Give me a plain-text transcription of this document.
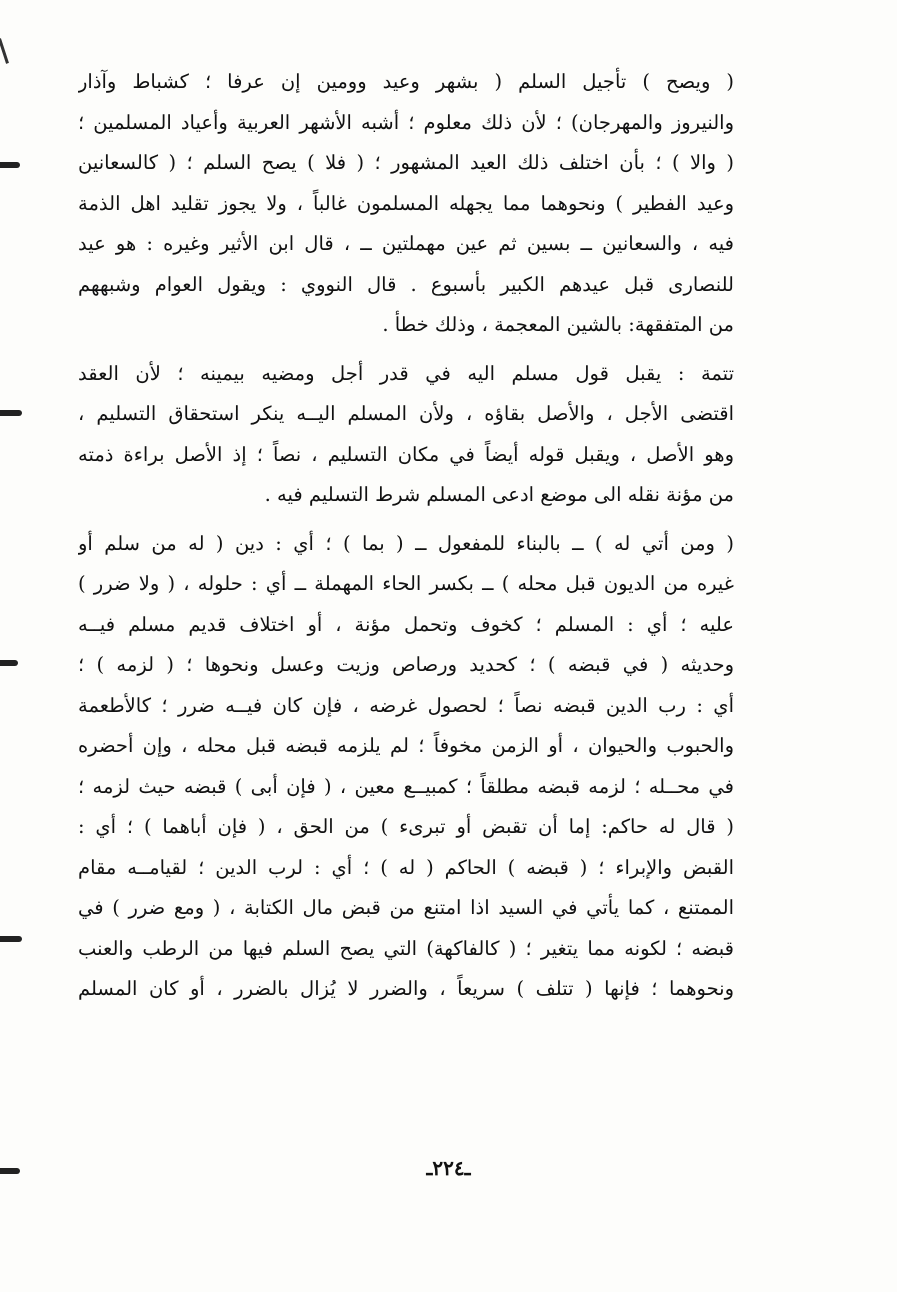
( ويصح ) تأجيل السلم ( بشهر وعيد وومين إن عرفا ؛ كشباط وآذار
والنيروز والمهرجان) ؛ لأن ذلك معلوم ؛ أشبه الأشهر العربية وأعياد المسلمين ؛
( والا ) ؛ بأن اختلف ذلك العيد المشهور ؛ ( فلا ) يصح السلم ؛ ( كالسعانين
وعيد الفطير ) ونحوهما مما يجهله المسلمون غالباً ، ولا يجوز تقليد اهل الذمة
فيه ، والسعانين ــ بسين ثم عين مهملتين ــ ، قال ابن الأثير وغيره : هو عيد
للنصارى قبل عيدهم الكبير بأسبوع . قال النووي : ويقول العوام وشبههم
من المتفقهة: بالشين المعجمة ، وذلك خطأ .
تتمة : يقبل قول مسلم اليه في قدر أجل ومضيه بيمينه ؛ لأن العقد
اقتضى الأجل ، والأصل بقاؤه ، ولأن المسلم اليــه ينكر استحقاق التسليم ،
وهو الأصل ، ويقبل قوله أيضاً في مكان التسليم ، نصاً ؛ إذ الأصل براءة ذمته
من مؤنة نقله الى موضع ادعى المسلم شرط التسليم فيه .
( ومن أتي له ) ــ بالبناء للمفعول ــ ( بما ) ؛ أي : دين ( له من سلم أو
غيره من الديون قبل محله ) ــ بكسر الحاء المهملة ــ أي : حلوله ، ( ولا ضرر )
عليه ؛ أي : المسلم ؛ كخوف وتحمل مؤنة ، أو اختلاف قديم مسلم فيــه
وحديثه ( في قبضه ) ؛ كحديد ورصاص وزيت وعسل ونحوها ؛ ( لزمه ) ؛
أي : رب الدين قبضه نصاً ؛ لحصول غرضه ، فإن كان فيــه ضرر ؛ كالأطعمة
والحبوب والحيوان ، أو الزمن مخوفاً ؛ لم يلزمه قبضه قبل محله ، وإن أحضره
في محــله ؛ لزمه قبضه مطلقاً ؛ كمبيــع معين ، ( فإن أبى ) قبضه حيث لزمه ؛
( قال له حاكم: إما أن تقبض أو تبرىء ) من الحق ، ( فإن أباهما ) ؛ أي :
القبض والإبراء ؛ ( قبضه ) الحاكم ( له ) ؛ أي : لرب الدين ؛ لقيامــه مقام
الممتنع ، كما يأتي في السيد اذا امتنع من قبض مال الكتابة ، ( ومع ضرر ) في
قبضه ؛ لكونه مما يتغير ؛ ( كالفاكهة) التي يصح السلم فيها من الرطب والعنب
ونحوهما ؛ فإنها ( تتلف ) سريعاً ، والضرر لا يُزال بالضرر ، أو كان المسلم
ـ٢٢٤ـ
